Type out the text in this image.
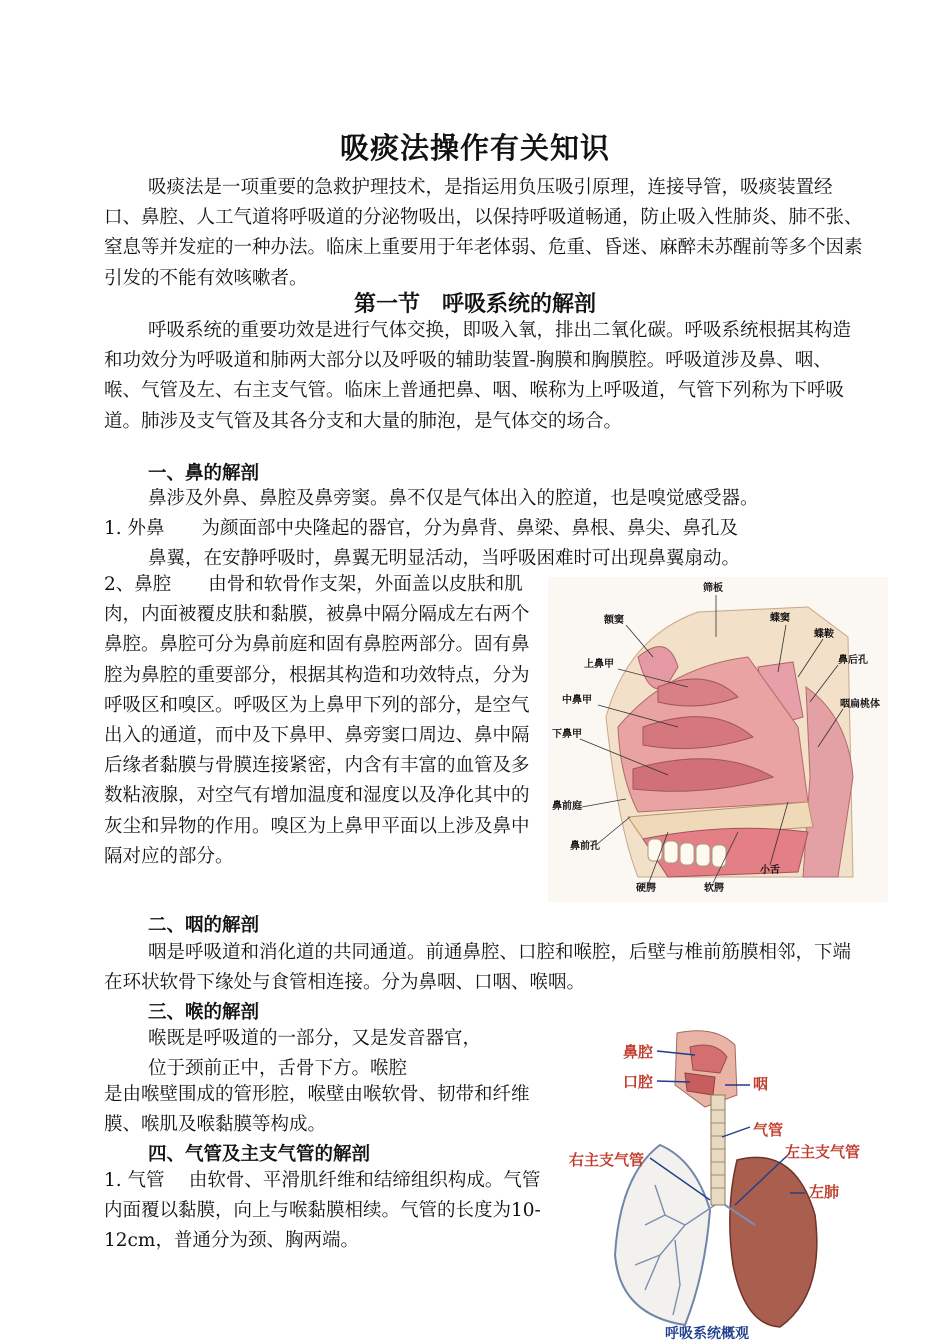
吸痰法操作有关知识

吸痰法是一项重要的急救护理技术，是指运用负压吸引原理，连接导管，吸痰装置经口、鼻腔、人工气道将呼吸道的分泌物吸出，以保持呼吸道畅通，防止吸入性肺炎、肺不张、窒息等并发症的一种办法。临床上重要用于年老体弱、危重、昏迷、麻醉未苏醒前等多个因素引发的不能有效咳嗽者。

第一节　呼吸系统的解剖

呼吸系统的重要功效是进行气体交换，即吸入氧，排出二氧化碳。呼吸系统根据其构造和功效分为呼吸道和肺两大部分以及呼吸的辅助装置-胸膜和胸膜腔。呼吸道涉及鼻、咽、喉、气管及左、右主支气管。临床上普通把鼻、咽、喉称为上呼吸道，气管下列称为下呼吸道。肺涉及支气管及其各分支和大量的肺泡，是气体交的场合。

一、鼻的解剖

鼻涉及外鼻、鼻腔及鼻旁窦。鼻不仅是气体出入的腔道，也是嗅觉感受器。

1. 外鼻　　为颜面部中央隆起的器官，分为鼻背、鼻梁、鼻根、鼻尖、鼻孔及

鼻翼，在安静呼吸时，鼻翼无明显活动，当呼吸困难时可出现鼻翼扇动。

2、鼻腔　　由骨和软骨作支架，外面盖以皮肤和肌肉，内面被覆皮肤和黏膜，被鼻中隔分隔成左右两个鼻腔。鼻腔可分为鼻前庭和固有鼻腔两部分。固有鼻腔为鼻腔的重要部分，根据其构造和功效特点，分为呼吸区和嗅区。呼吸区为上鼻甲下列的部分，是空气出入的通道，而中及下鼻甲、鼻旁窦口周边、鼻中隔后缘者黏膜与骨膜连接紧密，内含有丰富的血管及多数粘液腺，对空气有增加温度和湿度以及净化其中的灰尘和异物的作用。嗅区为上鼻甲平面以上涉及鼻中隔对应的部分。

筛板
额窦	蝶窦
蝶鞍
上鼻甲	鼻后孔
中鼻甲	咽扁桃体
下鼻甲
鼻前庭
鼻前孔
小舌
硬腭	软腭
二、咽的解剖

咽是呼吸道和消化道的共同通道。前通鼻腔、口腔和喉腔，后壁与椎前筋膜相邻，下端在环状软骨下缘处与食管相连接。分为鼻咽、口咽、喉咽。

三、喉的解剖

喉既是呼吸道的一部分，又是发音器官，

位于颈前正中，舌骨下方。喉腔

是由喉壁围成的管形腔，喉壁由喉软骨、韧带和纤维膜、喉肌及喉黏膜等构成。

四、气管及主支气管的解剖

1. 气管　 由软骨、平滑肌纤维和结缔组织构成。气管内面覆以黏膜，向上与喉黏膜相续。气管的长度为10-12cm，普通分为颈、胸两端。

鼻腔
口腔	咽
气管
右主支气管	左主支气管
左肺
呼吸系统概观
